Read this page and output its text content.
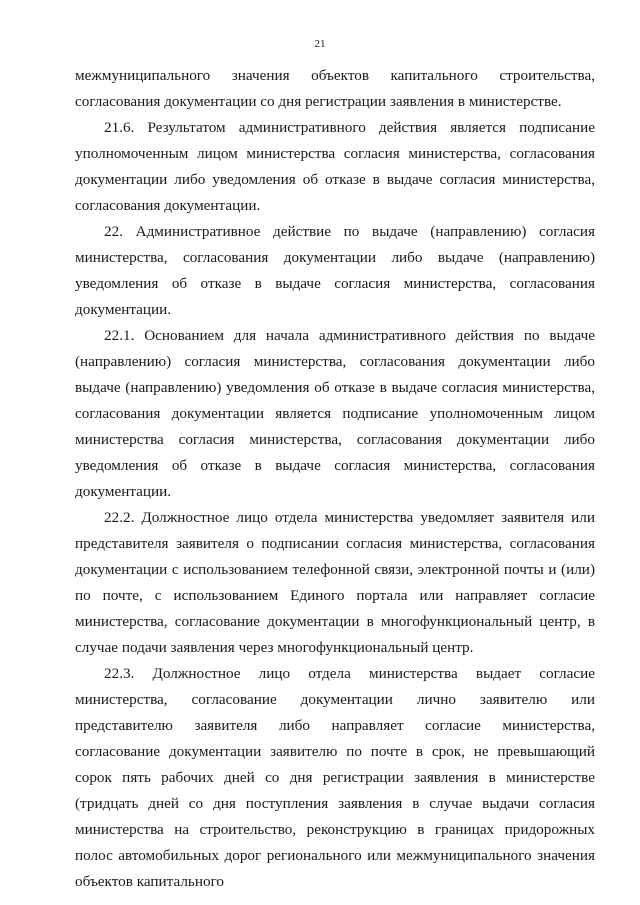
21

межмуниципального значения объектов капитального строительства, согласования документации со дня регистрации заявления в министерстве.

21.6. Результатом административного действия является подписание уполномоченным лицом министерства согласия министерства, согласования документации либо уведомления об отказе в выдаче согласия министерства, согласования документации.

22. Административное действие по выдаче (направлению) согласия министерства, согласования документации либо выдаче (направлению) уведомления об отказе в выдаче согласия министерства, согласования документации.

22.1. Основанием для начала административного действия по выдаче (направлению) согласия министерства, согласования документации либо выдаче (направлению) уведомления об отказе в выдаче согласия министерства, согласования документации является подписание уполномоченным лицом министерства согласия министерства, согласования документации либо уведомления об отказе в выдаче согласия министерства, согласования документации.

22.2. Должностное лицо отдела министерства уведомляет заявителя или представителя заявителя о подписании согласия министерства, согласования документации с использованием телефонной связи, электронной почты и (или) по почте, с использованием Единого портала или направляет согласие министерства, согласование документации в многофункциональный центр, в случае подачи заявления через многофункциональный центр.

22.3. Должностное лицо отдела министерства выдает согласие министерства, согласование документации лично заявителю или представителю заявителя либо направляет согласие министерства, согласование документации заявителю по почте в срок, не превышающий сорок пять рабочих дней со дня регистрации заявления в министерстве (тридцать дней со дня поступления заявления в случае выдачи согласия министерства на строительство, реконструкцию в границах придорожных полос автомобильных дорог регионального или межмуниципального значения объектов капитального
